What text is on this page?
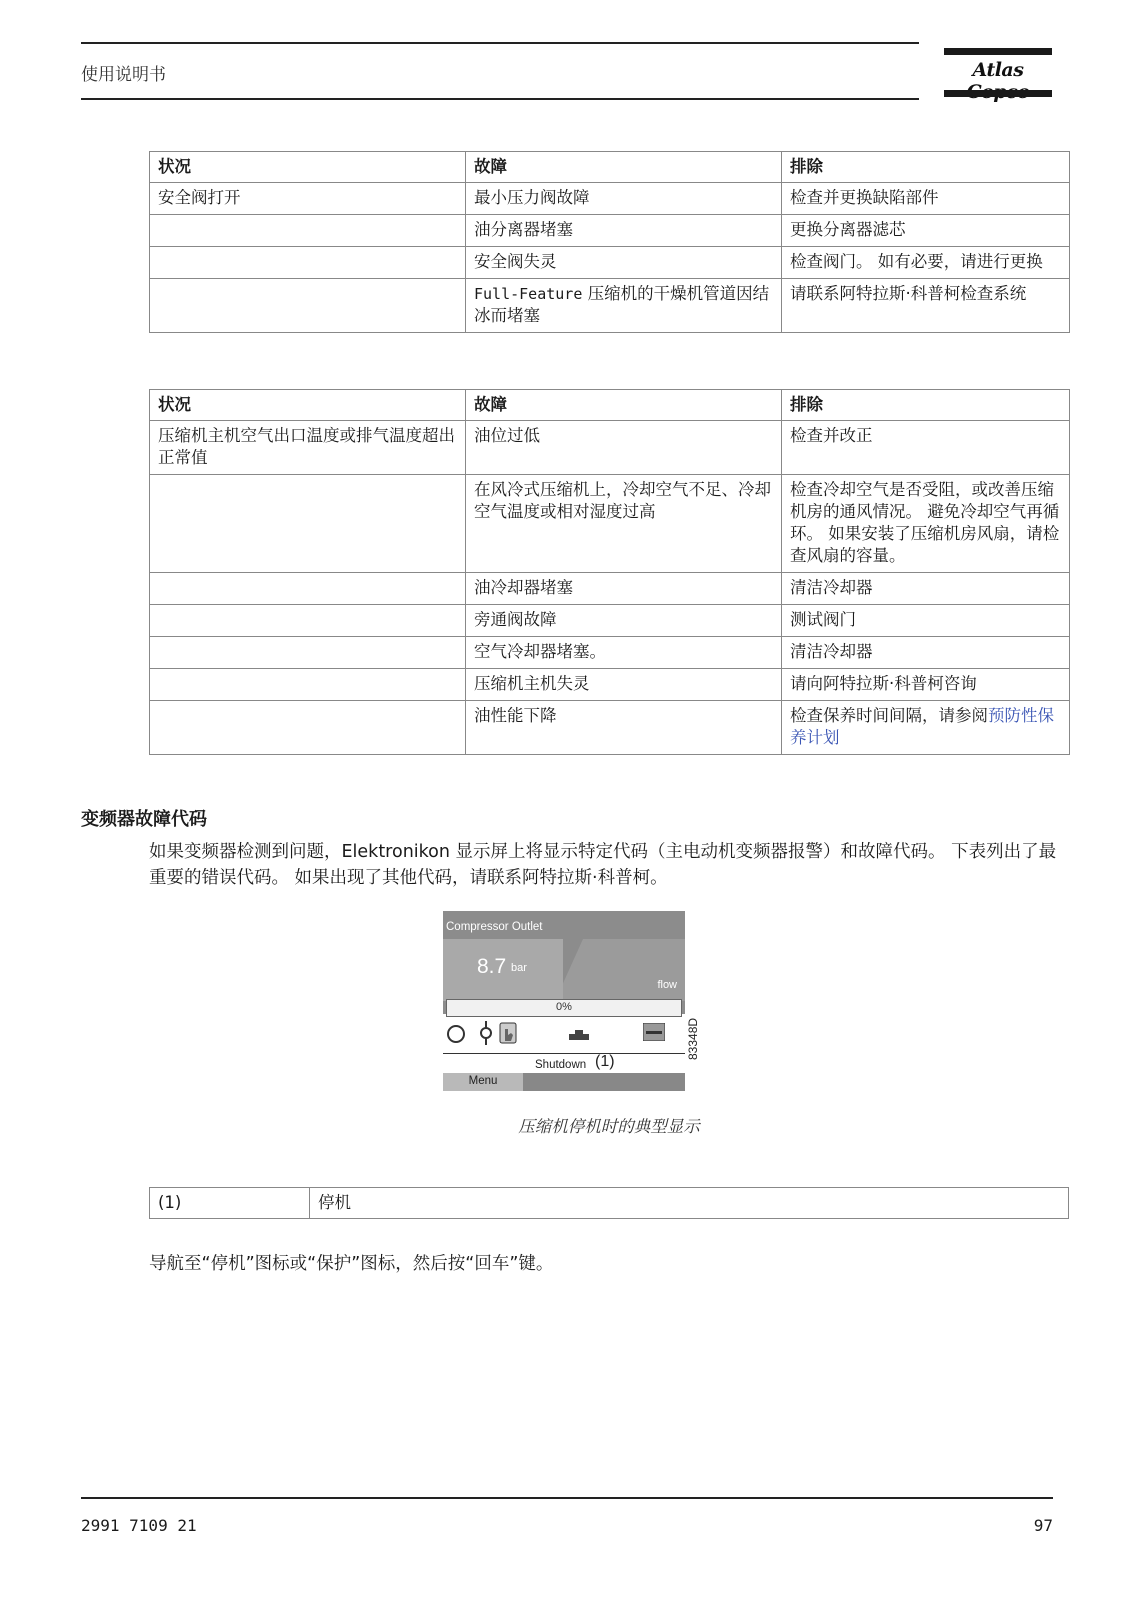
使用说明书	Atlas
状况	故障	排除
安全阀打开	最小压力阀故障	检查并更换缺陷部件
	油分离器堵塞	更换分离器滤芯
	安全阀失灵	检查阀门。 如有必要，请进行更换
	Full-Feature 压缩机的干燥机管道因结冰而堵塞	请联系阿特拉斯·科普柯检查系统
状况	故障	排除
压缩机主机空气出口温度或排气温度超出正常值	油位过低	检查并改正
	在风冷式压缩机上，冷却空气不足、冷却空气温度或相对湿度过高	检查冷却空气是否受阻，或改善压缩机房的通风情况。 避免冷却空气再循环。 如果安装了压缩机房风扇，请检查风扇的容量。
	油冷却器堵塞	清洁冷却器
	旁通阀故障	测试阀门
	空气冷却器堵塞。	清洁冷却器
	压缩机主机失灵	请向阿特拉斯·科普柯咨询
	油性能下降	检查保养时间间隔，请参阅预防性保养计划
变频器故障代码
如果变频器检测到问题，Elektronikon 显示屏上将显示特定代码（主电动机变频器报警）和故障代码。 下表列出了最重要的错误代码。 如果出现了其他代码，请联系阿特拉斯·科普柯。
Compressor Outlet
8.7 bar
flow
0%
Shutdown (1)
Menu
83348D
压缩机停机时的典型显示
(1)	停机
导航至“停机”图标或“保护”图标，然后按“回车”键。
2991 7109 21	97
